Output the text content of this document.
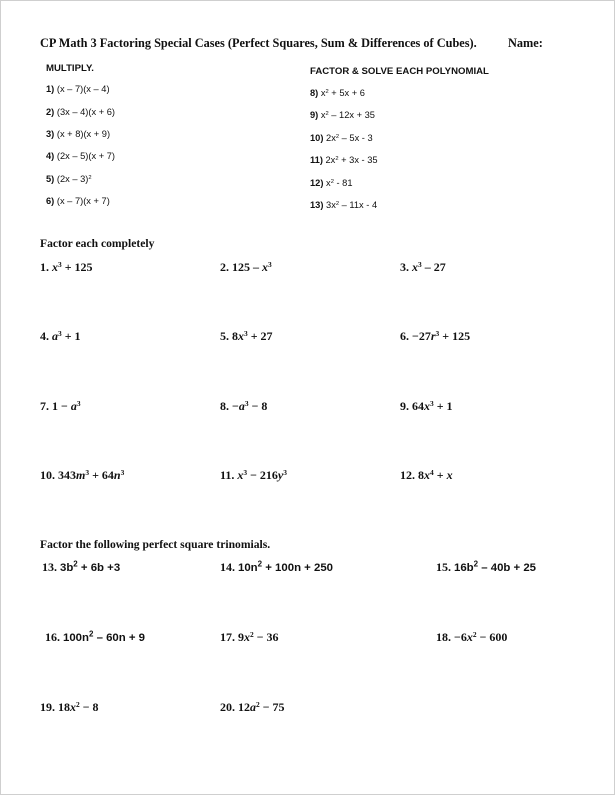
CP Math 3 Factoring Special Cases (Perfect Squares, Sum & Differences of Cubes).	Name:
MULTIPLY.	FACTOR & SOLVE EACH POLYNOMIAL
1) (x – 7)(x – 4)
2) (3x – 4)(x + 6)
3) (x + 8)(x + 9)
4) (2x – 5)(x + 7)
5) (2x – 3)$^2$
6) (x – 7)(x + 7)
8) $x^2 + 5x + 6$
9) $x^2 - 12x + 35$
10) $2x^2 - 5x - 3$
11) $2x^2 + 3x - 35$
12) $x^2 - 81$
13) $3x^2 - 11x - 4$
Factor each completely
1. $x^3 + 125$	2. $125 - x^3$	3. $x^3 - 27$
4. $a^3 + 1$	5. $8x^3 + 27$	6. $-27r^3 + 125$
7. $1 - a^3$	8. $-a^3 - 8$	9. $64x^3 + 1$
10. $343m^3 + 64n^3$	11. $x^3 - 216y^3$	12. $8x^4 + x$
Factor the following perfect square trinomials.
13. $3b^2 + 6b +3$	14. $10n^2 + 100n + 250$	15. $16b^2 - 40b + 25$
16. $100n^2 - 60n + 9$	17. $9x^2 - 36$	18. $-6x^2 - 600$
19. $18x^2 - 8$	20. $12a^2 - 75$
